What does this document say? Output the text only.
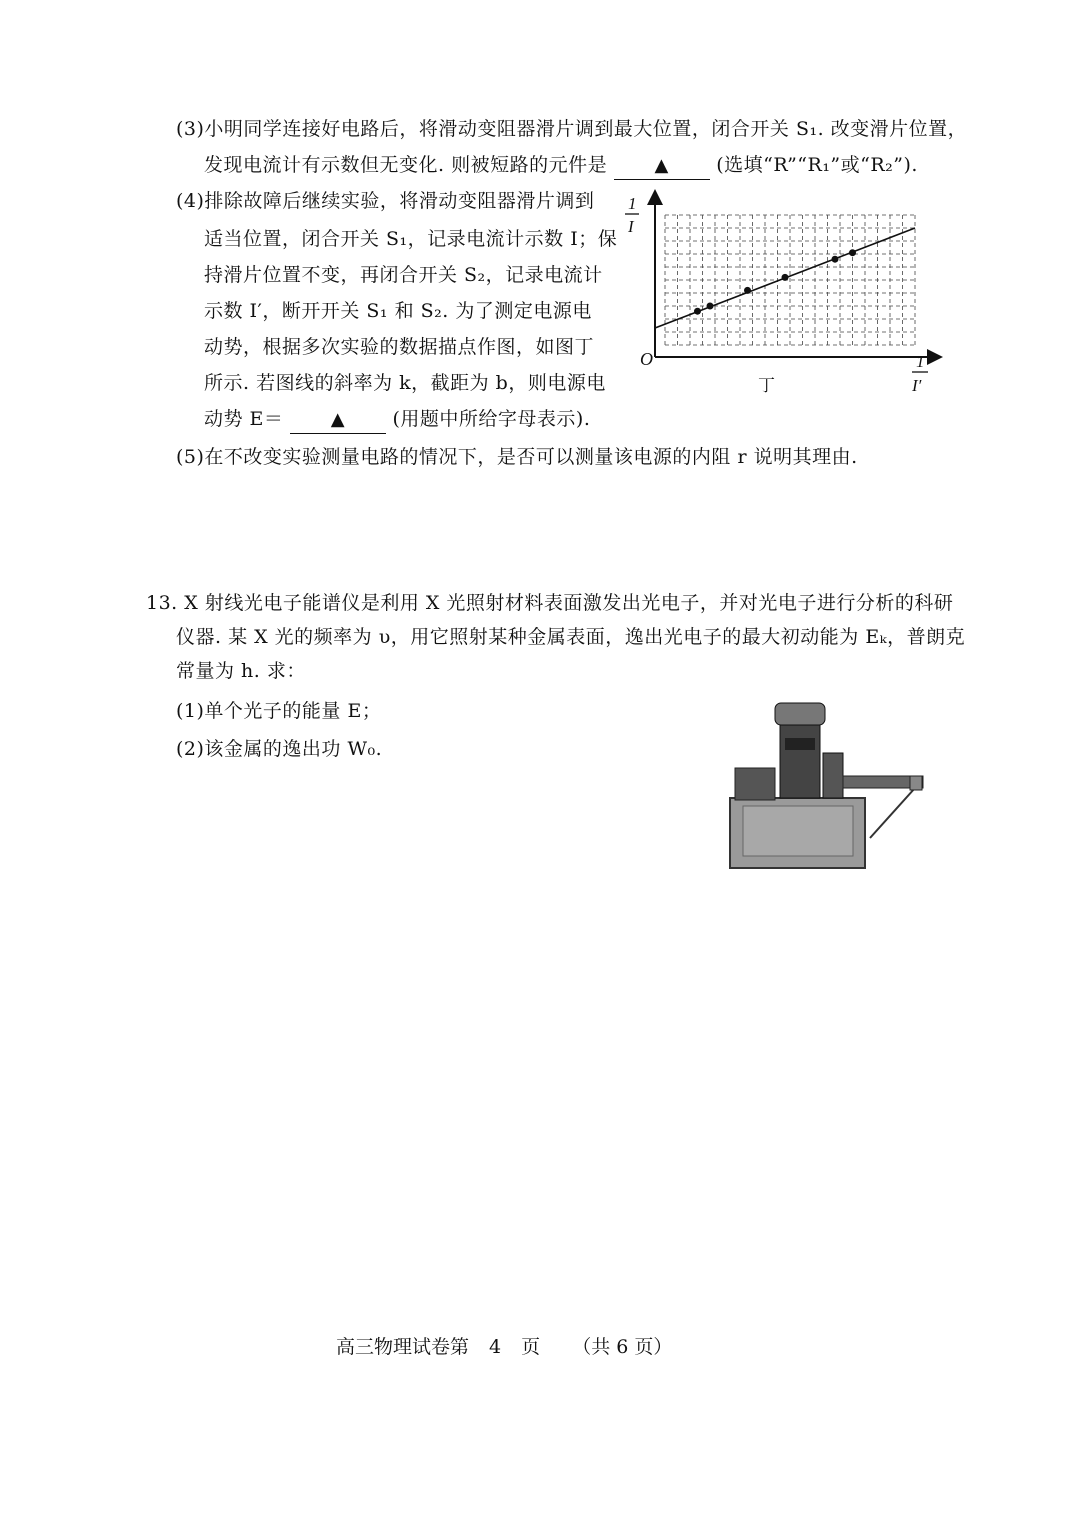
(3)小明同学连接好电路后，将滑动变阻器滑片调到最大位置，闭合开关 S₁. 改变滑片位置，
发现电流计有示数但无变化. 则被短路的元件是	▲ (选填“R”“R₁”或“R₂”).
(4)排除故障后继续实验，将滑动变阻器滑片调到
适当位置，闭合开关 S₁，记录电流计示数 I；保
持滑片位置不变，再闭合开关 S₂，记录电流计
示数 I′，断开开关 S₁ 和 S₂. 为了测定电源电
动势，根据多次实验的数据描点作图，如图丁
所示. 若图线的斜率为 k，截距为 b，则电源电
动势 E＝	▲ (用题中所给字母表示).
(5)在不改变实验测量电路的情况下，是否可以测量该电源的内阻 r 说明其理由.
1
I
O	1
I′
丁
13. X 射线光电子能谱仪是利用 X 光照射材料表面激发出光电子，并对光电子进行分析的科研
仪器. 某 X 光的频率为 υ，用它照射某种金属表面，逸出光电子的最大初动能为 Eₖ，普朗克
常量为 h. 求：
(1)单个光子的能量 E；
(2)该金属的逸出功 W₀.
高三物理试卷第 4 页 （共 6 页）
